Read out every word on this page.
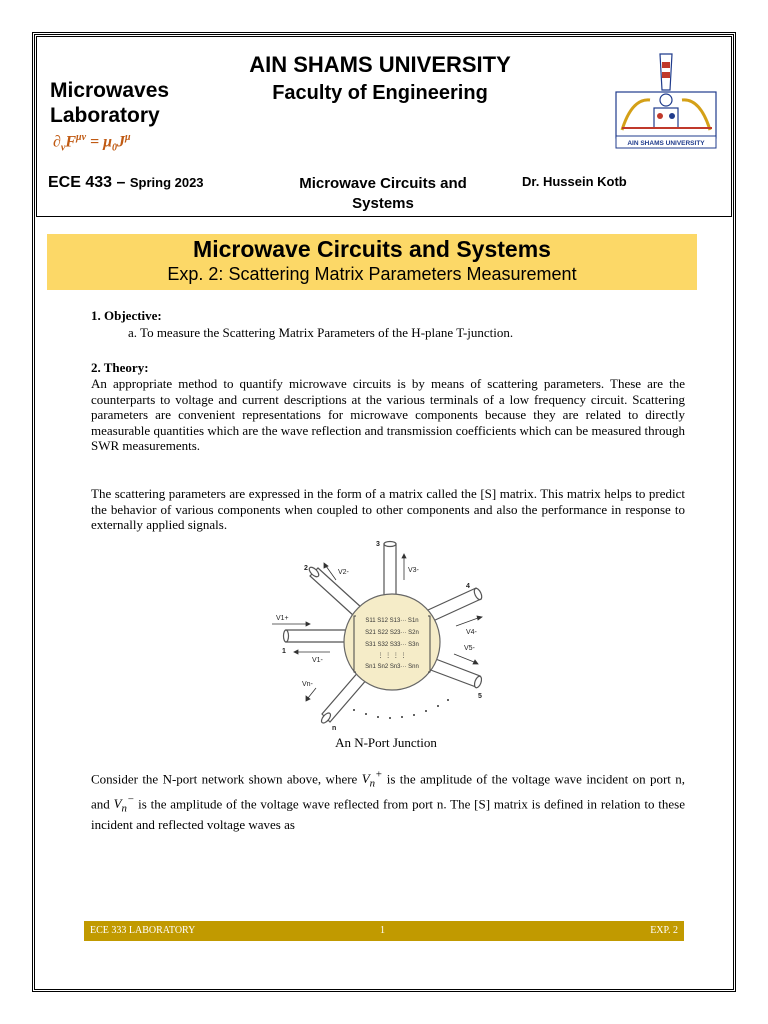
Microwaves
Laboratory
$\partial_\nu F^{\mu\nu} = \mu_0J^\mu$
AIN SHAMS UNIVERSITY
Faculty of Engineering
AIN SHAMS UNIVERSITY
ECE 433 – Spring 2023	Microwave Circuits and Systems
Dr. Hussein Kotb
Microwave Circuits and Systems
Exp. 2: Scattering Matrix Parameters Measurement
1. Objective:
a. To measure the Scattering Matrix Parameters of the H-plane T-junction.
2. Theory:
An appropriate method to quantify microwave circuits is by means of scattering parameters. These are the counterparts to voltage and current descriptions at the various terminals of a low frequency circuit. Scattering parameters are convenient representations for microwave components because they are related to directly measurable quantities which are the wave reflection and transmission coefficients which can be measured through SWR measurements.
The scattering parameters are expressed in the form of a matrix called the [S] matrix. This matrix helps to predict the behavior of various components when coupled to other components and also the performance in response to externally applied signals.
S11 S12 S13··· S1n
S21 S22 S23··· S2n
S31 S32 S33··· S3n
⋮ ⋮ ⋮ ⋮
Sn1 Sn2 Sn3··· Snn
V1+
V1-
V2-	V3-
V4-
V5-
Vn-
1
2
3
4
5
n
An N-Port Junction
Consider the N-port network shown above, where $V_n^+$ is the amplitude of the voltage wave incident on port n, and $V_n^-$ is the amplitude of the voltage wave reflected from port n. The [S] matrix is defined in relation to these incident and reflected voltage waves as
ECE 333 LABORATORY	1	EXP. 2
